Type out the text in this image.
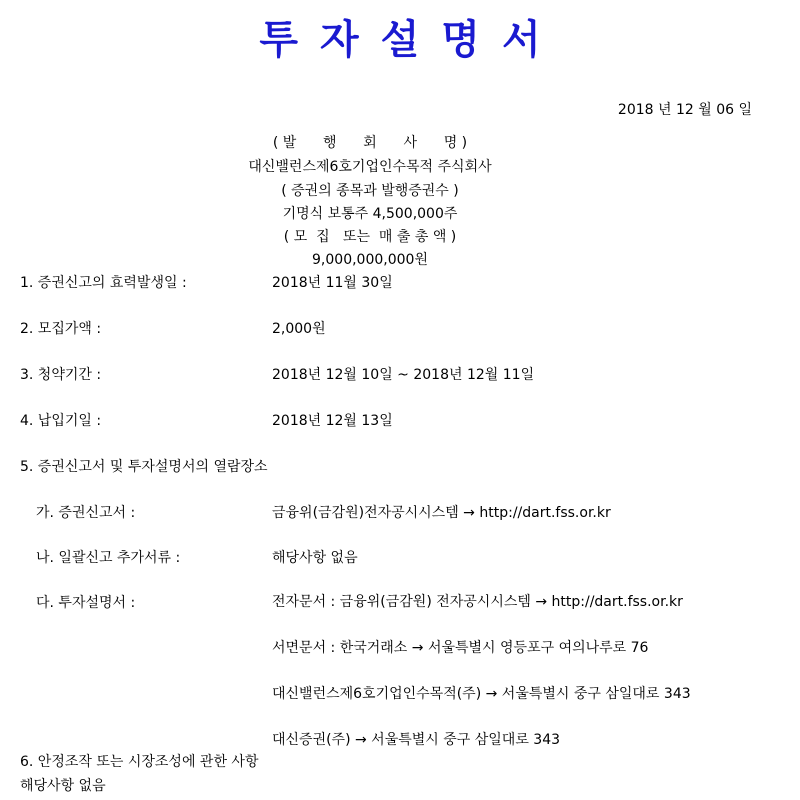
투자설명서
2018 년 12 월 06 일
( 발      행      회      사      명 )
대신밸런스제6호기업인수목적 주식회사
( 증권의 종목과 발행증권수 )
기명식 보통주 4,500,000주
( 모  집   또는  매 출 총 액 )
9,000,000,000원
1. 증권신고의 효력발생일 :	2018년 11월 30일
2. 모집가액 :	2,000원
3. 청약기간 :	2018년 12월 10일 ~ 2018년 12월 11일
4. 납입기일 :	2018년 12월 13일
5. 증권신고서 및 투자설명서의 열람장소
가. 증권신고서 :	금융위(금감원)전자공시시스템 → http://dart.fss.or.kr
나. 일괄신고 추가서류 :	해당사항 없음
다. 투자설명서 :	전자문서 : 금융위(금감원) 전자공시시스템 → http://dart.fss.or.kr
서면문서 : 한국거래소 → 서울특별시 영등포구 여의나루로 76
대신밸런스제6호기업인수목적(주) → 서울특별시 중구 삼일대로 343
대신증권(주) → 서울특별시 중구 삼일대로 343
6. 안정조작 또는 시장조성에 관한 사항
해당사항 없음
